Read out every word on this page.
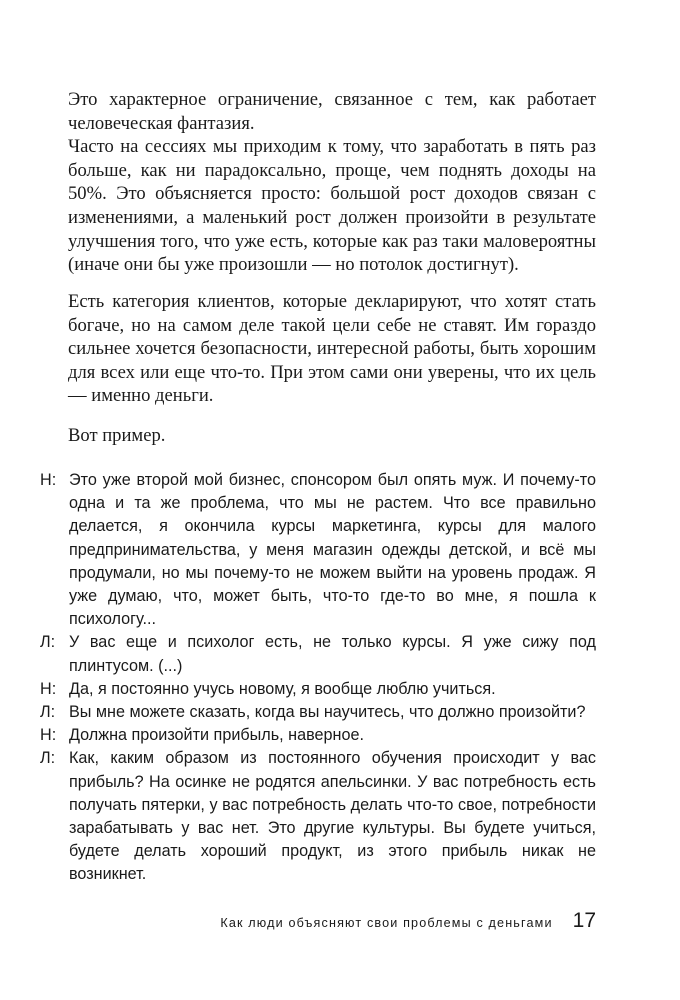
Это характерное ограничение, связанное с тем, как работает человеческая фантазия.

Часто на сессиях мы приходим к тому, что заработать в пять раз больше, как ни парадоксально, проще, чем поднять доходы на 50%. Это объясняется просто: большой рост доходов связан с изменениями, а маленький рост должен произойти в результате улучшения того, что уже есть, которые как раз таки маловероятны (иначе они бы уже произошли — но потолок достигнут).

Есть категория клиентов, которые декларируют, что хотят стать богаче, но на самом деле такой цели себе не ставят. Им гораздо сильнее хочется безопасности, интересной работы, быть хорошим для всех или еще что-то. При этом сами они уверены, что их цель — именно деньги.

Вот пример.

Н: Это уже второй мой бизнес, спонсором был опять муж. И почему-то одна и та же проблема, что мы не растем. Что все правильно делается, я окончила курсы маркетинга, курсы для малого предпринимательства, у меня магазин одежды детской, и всё мы продумали, но мы почему-то не можем выйти на уровень продаж. Я уже думаю, что, может быть, что-то где-то во мне, я пошла к психологу...
Л: У вас еще и психолог есть, не только курсы. Я уже сижу под плинтусом. (...)
Н: Да, я постоянно учусь новому, я вообще люблю учиться.
Л: Вы мне можете сказать, когда вы научитесь, что должно произойти?
Н: Должна произойти прибыль, наверное.
Л: Как, каким образом из постоянного обучения происходит у вас прибыль? На осинке не родятся апельсинки. У вас потребность есть получать пятерки, у вас потребность делать что-то свое, потребности зарабатывать у вас нет. Это другие культуры. Вы будете учиться, будете делать хороший продукт, из этого прибыль никак не возникнет.
Как люди объясняют свои проблемы с деньгами 17
